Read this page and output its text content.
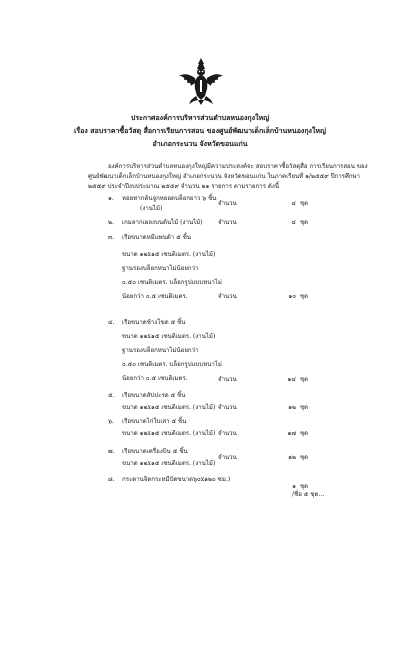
ประกาศองค์การบริหารส่วนตำบลหนองกุงใหญ่
เรื่อง สอบราคาซื้อวัสดุ สื่อการเรียนการสอน ของศูนย์พัฒนาเด็กเล็กบ้านหนองกุงใหญ่
อำเภอกระนวน จังหวัดขอนแก่น
องค์การบริหารส่วนตำบลหนองกุงใหญ่มีความประสงค์จะ สอบราคาซื้อวัสดุสื่อ การเรียนการสอน ของ
ศูนย์พัฒนาเด็กเล็กบ้านหนองกุงใหญ่ อำเภอกระนวน จังหวัดขอนแก่น ในภาคเรียนที่ ๑/๒๕๕๙ ปีการศึกษา
๒๕๕๙ ประจำปีงบประมาณ ๒๕๕๙ จำนวน ๒๑ รายการ ตามรายการ ดังนี้
๑. หอยทากต้นจูกหยอดบล็อกยาว ๖ ชิ้น
(งานไม้)
จำนวน	๔ ชุด
๒. เกมลากเผลงบนต้นไม้ (งานไม้)	จำนวน	๔ ชุด
๓. เรือขนาดหมีแพนด้า ๕ ชิ้น
ขนาด ๑๒x๑๕ เซนติเมตร. (งานไม้)
ฐานรองบล็อกหนาไม่น้อยกว่า
๐.๕๐ เซนติเมตร. บล็อกรูปแบบหนาไม่
น้อยกว่า ๐.๕ เซนติเมตร.	จำนวน	๑๐ ชุด
๔. เรือขนาดช้างโขด ๕ ชิ้น
ขนาด ๑๒x๑๕ เซนติเมตร. (งานไม้)
ฐานรองบล็อกหนาไม่น้อยกว่า
๐.๕๐ เซนติเมตร. บล็อกรูปแบบหนาไม่
น้อยกว่า ๐.๕ เซนติเมตร.	จำนวน	๑๔ ชุด
๕. เรือขนาดสัปปะรด ๕ ชิ้น
ขนาด ๑๒x๑๕ เซนติเมตร. (งานไม้) จำนวน	๑๒ ชุด
๖. เรือขนาดไก่ใบเสา ๕ ชิ้น
ขนาด ๑๒x๑๕ เซนติเมตร. (งานไม้) จำนวน	๑๗ ชุด
๗. เรือขนาดเครื่องบิน ๕ ชิ้น
ขนาด ๑๒x๑๕ เซนติเมตร. (งานไม้)
จำนวน	๑๒ ชุด
๘. กระดานจิดกระหมีปัดขนาด๖๐x๑๒๐ ซม.)
๑ ชุด
/ชื่อ ๕ ชุด...
